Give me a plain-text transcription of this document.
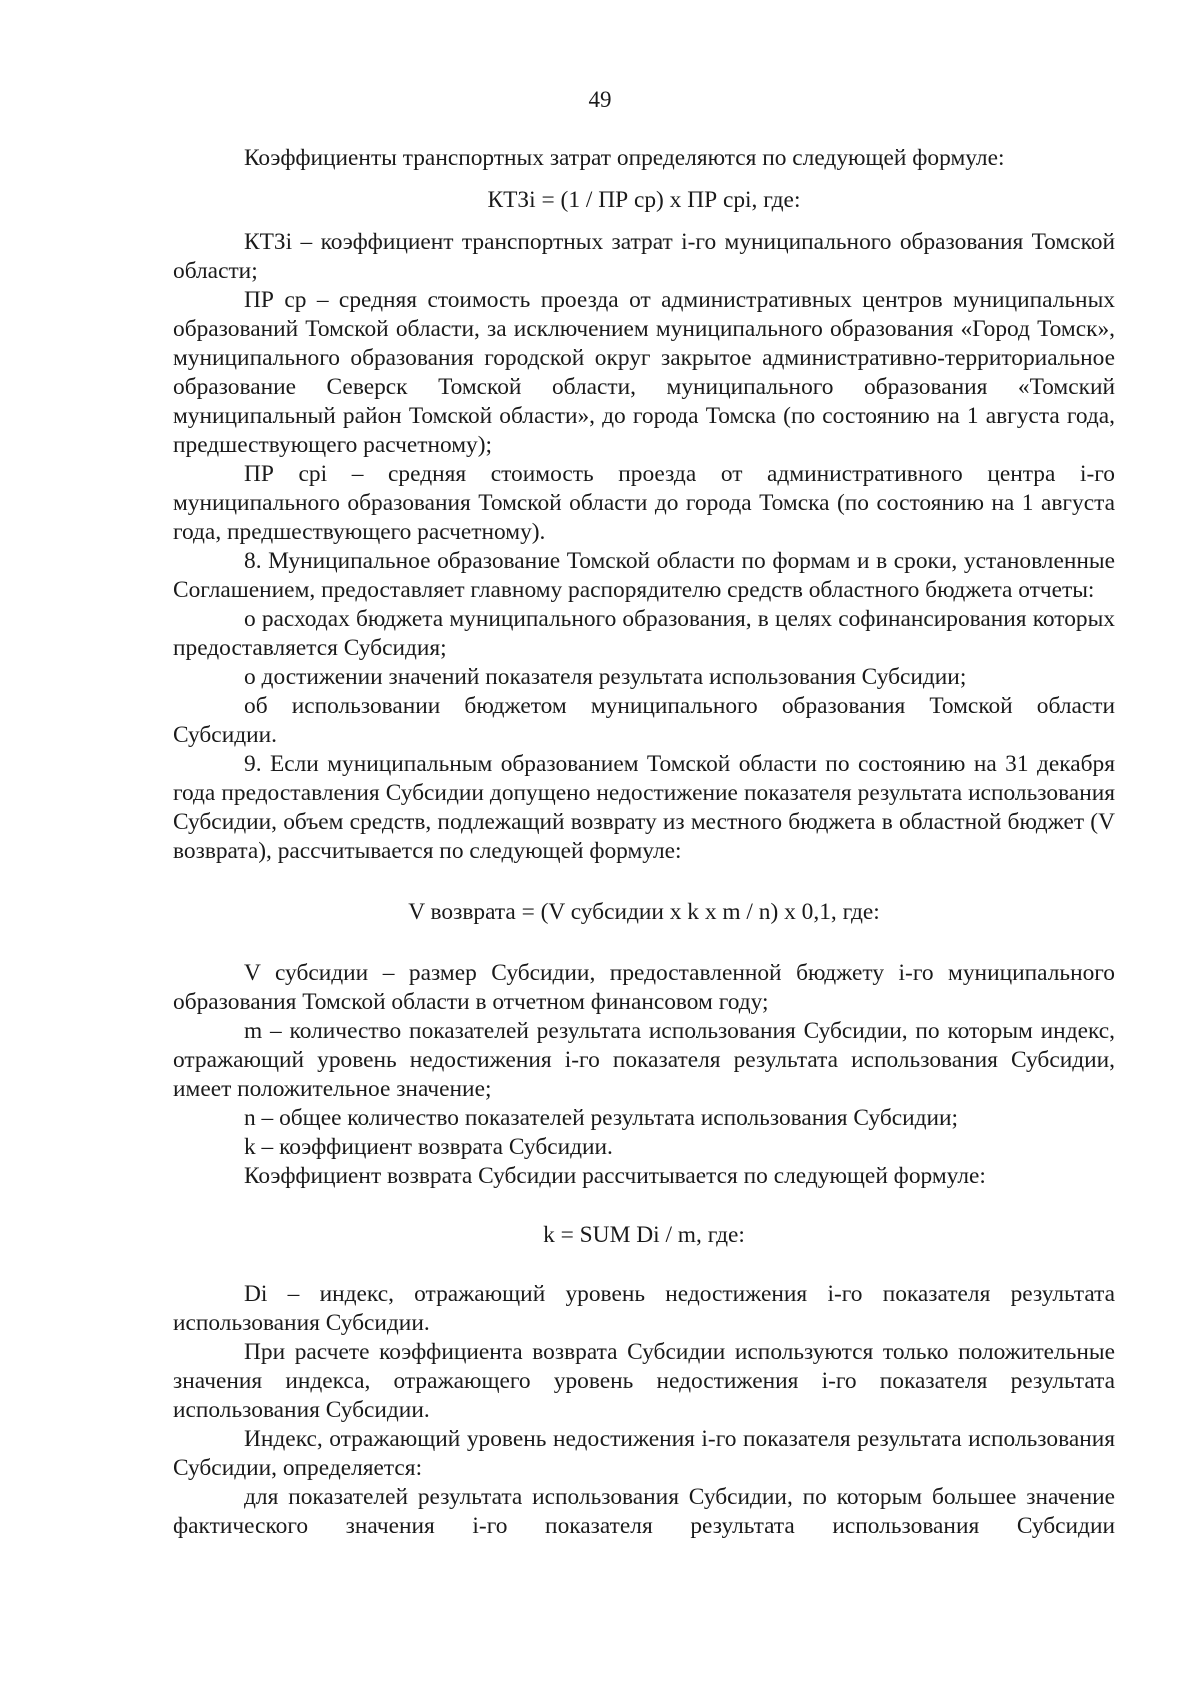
49

Коэффициенты транспортных затрат определяются по следующей формуле:

КТЗi = (1 / ПР ср) х ПР срi, где:

КТЗi – коэффициент транспортных затрат i-го муниципального образования Томской области;

ПР ср – средняя стоимость проезда от административных центров муниципальных образований Томской области, за исключением муниципального образования «Город Томск», муниципального образования городской округ закрытое административно-территориальное образование Северск Томской области, муниципального образования «Томский муниципальный район Томской области», до города Томска (по состоянию на 1 августа года, предшествующего расчетному);

ПР срi – средняя стоимость проезда от административного центра i-го муниципального образования Томской области до города Томска (по состоянию на 1 августа года, предшествующего расчетному).

8. Муниципальное образование Томской области по формам и в сроки, установленные Соглашением, предоставляет главному распорядителю средств областного бюджета отчеты:

о расходах бюджета муниципального образования, в целях софинансирования которых предоставляется Субсидия;

о достижении значений показателя результата использования Субсидии;

об использовании бюджетом муниципального образования Томской области Субсидии.

9. Если муниципальным образованием Томской области по состоянию на 31 декабря года предоставления Субсидии допущено недостижение показателя результата использования Субсидии, объем средств, подлежащий возврату из местного бюджета в областной бюджет (V возврата), рассчитывается по следующей формуле:

V возврата = (V субсидии х k х m / n) х 0,1, где:

V субсидии – размер Субсидии, предоставленной бюджету i-го муниципального образования Томской области в отчетном финансовом году;

m – количество показателей результата использования Субсидии, по которым индекс, отражающий уровень недостижения i-го показателя результата использования Субсидии, имеет положительное значение;

n – общее количество показателей результата использования Субсидии;

k – коэффициент возврата Субсидии.

Коэффициент возврата Субсидии рассчитывается по следующей формуле:

k = SUM Di / m, где:

Di – индекс, отражающий уровень недостижения i-го показателя результата использования Субсидии.

При расчете коэффициента возврата Субсидии используются только положительные значения индекса, отражающего уровень недостижения i-го показателя результата использования Субсидии.

Индекс, отражающий уровень недостижения i-го показателя результата использования Субсидии, определяется:

для показателей результата использования Субсидии, по которым большее значение фактического значения i-го показателя результата использования Субсидии
